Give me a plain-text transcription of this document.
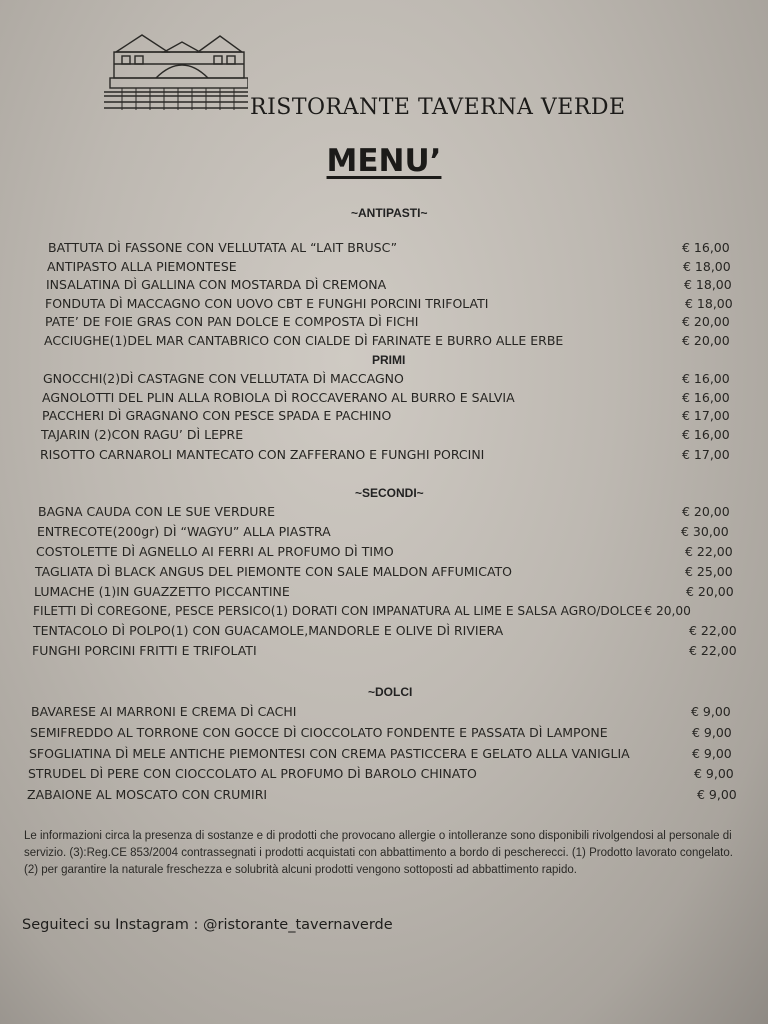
RISTORANTE TAVERNA VERDE
MENU’
~ANTIPASTI~
BATTUTA DÌ FASSONE CON VELLUTATA AL “LAIT BRUSC”	€ 16,00
ANTIPASTO ALLA PIEMONTESE	€ 18,00
INSALATINA DÌ GALLINA CON MOSTARDA DÌ CREMONA	€ 18,00
FONDUTA DÌ MACCAGNO CON UOVO CBT E FUNGHI PORCINI TRIFOLATI	€ 18,00
PATE’ DE FOIE GRAS CON PAN DOLCE E COMPOSTA DÌ FICHI	€ 20,00
ACCIUGHE(1)DEL MAR CANTABRICO CON CIALDE DÌ FARINATE E BURRO ALLE ERBE	€ 20,00
PRIMI
GNOCCHI(2)DÌ CASTAGNE CON VELLUTATA DÌ MACCAGNO	€ 16,00
AGNOLOTTI DEL PLIN ALLA ROBIOLA DÌ ROCCAVERANO AL BURRO E SALVIA	€ 16,00
PACCHERI DÌ GRAGNANO CON PESCE SPADA E PACHINO	€ 17,00
TAJARIN (2)CON RAGU’ DÌ LEPRE	€ 16,00
RISOTTO CARNAROLI MANTECATO CON ZAFFERANO E FUNGHI PORCINI	€ 17,00
~SECONDI~
BAGNA CAUDA CON LE SUE VERDURE	€ 20,00
ENTRECOTE(200gr) DÌ “WAGYU” ALLA PIASTRA	€ 30,00
COSTOLETTE DÌ AGNELLO AI FERRI AL PROFUMO DÌ TIMO	€ 22,00
TAGLIATA DÌ BLACK ANGUS DEL PIEMONTE CON SALE MALDON AFFUMICATO	€ 25,00
LUMACHE (1)IN GUAZZETTO PICCANTINE	€ 20,00
FILETTI DÌ COREGONE, PESCE PERSICO(1) DORATI CON IMPANATURA AL LIME E SALSA AGRO/DOLCE € 20,00
TENTACOLO DÌ POLPO(1) CON GUACAMOLE,MANDORLE E OLIVE DÌ RIVIERA	€ 22,00
FUNGHI PORCINI FRITTI E TRIFOLATI	€ 22,00
~DOLCI
BAVARESE AI MARRONI E CREMA DÌ CACHI	€ 9,00
SEMIFREDDO AL TORRONE CON GOCCE DÌ CIOCCOLATO FONDENTE E PASSATA DÌ LAMPONE	€ 9,00
SFOGLIATINA DÌ MELE ANTICHE PIEMONTESI CON CREMA PASTICCERA E GELATO ALLA VANIGLIA	€ 9,00
STRUDEL DÌ PERE CON CIOCCOLATO AL PROFUMO DÌ BAROLO CHINATO	€ 9,00
ZABAIONE AL MOSCATO CON CRUMIRI	€ 9,00
Le informazioni circa la presenza di sostanze e di prodotti che provocano allergie o intolleranze sono disponibili rivolgendosi al personale di servizio. (3):Reg.CE 853/2004 contrassegnati i prodotti acquistati con abbattimento a bordo di pescherecci. (1) Prodotto lavorato congelato. (2) per garantire la naturale freschezza e solubrità alcuni prodotti vengono sottoposti ad abbattimento rapido.
Seguiteci su Instagram : @ristorante_tavernaverde
